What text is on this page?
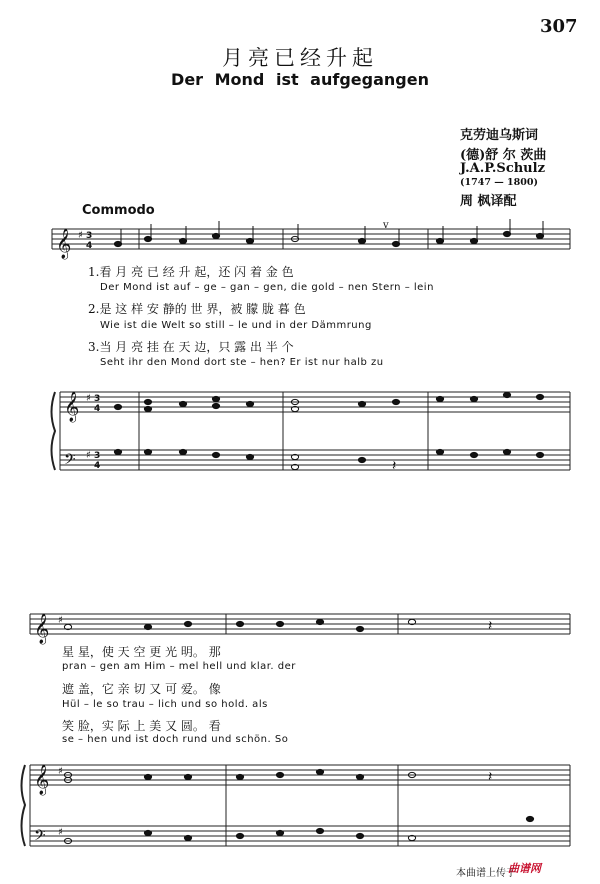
307
月亮已经升起
Der Mond ist aufgegangen
克劳迪乌斯词
(德)舒 尔 茨曲
J.A.P.Schulz
(1747 — 1800)
周 枫译配
Commodo
𝄞
𝄞
𝄢
𝄞
𝄞
𝄢
♯
♯
♯
♯
♯
♯
3
4
3
4
3
4
v
𝄽
𝄽
𝄽
1.看 月 亮 已 经 升 起，还 闪 着 金 色
Der Mond ist auf – ge – gan – gen, die gold – nen Stern – lein
2.是 这 样 安 静的 世 界，被 朦 胧 暮 色
Wie ist die Welt so still – le und in der Dämmrung
3.当 月 亮 挂 在 天 边，只 露 出 半 个
Seht ihr den Mond dort ste – hen? Er ist nur halb zu
星 星，使 天 空 更 光 明。 那
pran – gen am Him – mel hell und klar. der
遮 盖，它 亲 切 又 可 爱。 像
Hül – le so trau – lich und so hold. als
笑 脸，实 际 上 美 又 圆。 看
se – hen und ist doch rund und schön. So
本曲谱上传于
曲谱网
